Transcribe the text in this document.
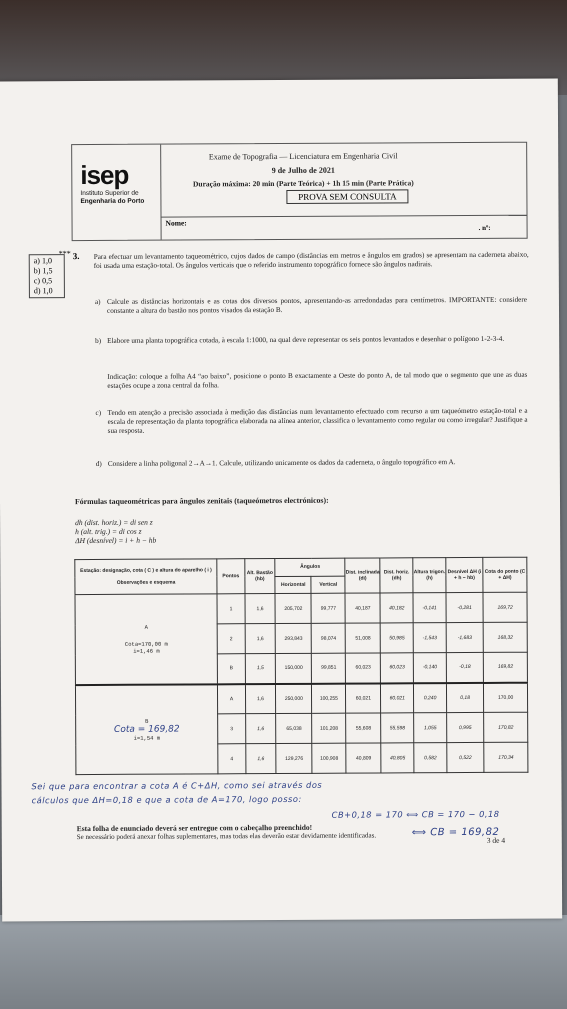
isep
Instituto Superior de
Engenharia do Porto
Exame de Topografia — Licenciatura em Engenharia Civil
9 de Julho de 2021
Duração máxima: 20 min (Parte Teórica) + 1h 15 min (Parte Prática)
PROVA SEM CONSULTA
Nome:
. nº:
***
a) 1,0
b) 1,5
c) 0,5
d) 1,0
3. Para efectuar um levantamento taqueométrico, cujos dados de campo (distâncias em metros e ângulos em grados) se apresentam na caderneta abaixo, foi usada uma estação-total. Os ângulos verticais que o referido instrumento topográfico fornece são ângulos nadirais.
a) Calcule as distâncias horizontais e as cotas dos diversos pontos, apresentando-as arredondadas para centímetros. IMPORTANTE: considere constante a altura do bastão nos pontos visados da estação B.
b) Elabore uma planta topográfica cotada, à escala 1:1000, na qual deve representar os seis pontos levantados e desenhar o polígono 1-2-3-4.
Indicação: coloque a folha A4 “ao baixo”, posicione o ponto B exactamente a Oeste do ponto A, de tal modo que o segmento que une as duas estações ocupe a zona central da folha.
c) Tendo em atenção a precisão associada à medição das distâncias num levantamento efectuado com recurso a um taqueómetro estação-total e a escala de representação da planta topográfica elaborada na alínea anterior, classifica o levantamento como regular ou como irregular? Justifique a sua resposta.
d) Considere a linha poligonal 2→A→1. Calcule, utilizando unicamente os dados da caderneta, o ângulo topográfico em A.
Fórmulas taqueométricas para ângulos zenitais (taqueómetros electrónicos):
dh (dist. horiz.) = di sen z
h (alt. trig.) = di cos z
ΔH (desnível) = i + h − hb
Estação: designação, cota ( C ) e altura do aparelho ( i )
Observações e esquema	Pontos	Alt. Bastão (hb)	Ângulos		Dist. inclinada (di)	Dist. horiz. (dh)	Altura trigon. (h)	Desnível ΔH (i + h − hb)	Cota do ponto (C + ΔH)
			Horizontal	Vertical					

A
Cota=170,00 m
i=1,46 m	1	1,6	205,702	99,777	40,187	40,182	-0,141	-0,281	169,72
	2	1,6	293,843	98,074	51,008	50,985	-1,543	-1,683	168,32
	B	1,5	150,000	99,851	60,023	60,023	-0,140	-0,18	169,82

B
Cota = 169,82
i=1,54 m	A	1,6	250,000	100,255	60,021	60,021	0,240	0,18	170,00
	3	1,6	65,038	101,208	55,608	55,598	1,055	0,995	170,82
	4	1,6	129,276	100,908	40,809	40,805	0,582	0,522	170,34
Sei que para encontrar a cota A é C+ΔH, como sei através dos
cálculos que ΔH=0,18 e que a cota de A=170, logo posso:
CB+0,18 = 170 ⟺ CB = 170 − 0,18
⟺ CB = 169,82
Esta folha de enunciado deverá ser entregue com o cabeçalho preenchido!
Se necessário poderá anexar folhas suplementares, mas todas elas deverão estar devidamente identificadas.	3 de 4
